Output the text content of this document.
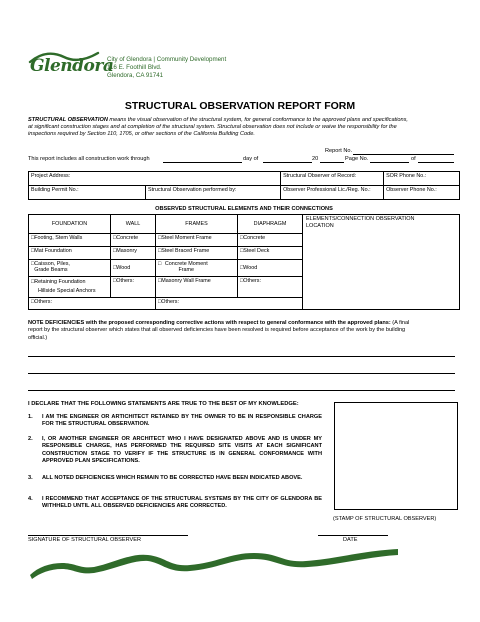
Glendora
City of Glendora | Community Development
116 E. Foothill Blvd.
Glendora, CA 91741
STRUCTURAL OBSERVATION REPORT FORM
STRUCTURAL OBSERVATION means the visual observation of the structural system, for general conformance to the approved plans and specifications,
at significant construction stages and at completion of the structural system. Structural observation does not include or waive the responsibility for the
inspections required by Section 110, 1705, or other sections of the California Building Code.
Report No.
This report includes all construction work through	day of	20	Page No.	of
Project Address:		Structural Observer of Record:	SOR Phone No.:
Building Permit No.:	Structural Observation performed by:	Observer Professional Lic./Reg. No.:	Observer Phone No.:
OBSERVED STRUCTURAL ELEMENTS AND THEIR CONNECTIONS
FOUNDATION	WALL	FRAMES	DIAPHRAGM	ELEMENTS/CONNECTION OBSERVATION LOCATION

□Footing, Stem Walls	□Concrete	□Steel Moment Frame	□Concrete	
□Mat Foundation	□Masonry	□Steel Braced Frame	□Steel Deck	
□Caisson, Piles, Grade Beams	□Wood	□ Concrete Moment Frame	□Wood	
□Retaining Foundation
Hillside Special Anchors	□Others:	□Masonry Wall Frame	□Others:	
□Others:		□Others:		
NOTE DEFICIENCIES with the proposed corresponding corrective actions with respect to general conformance with the approved plans: (A final
report by the structural observer which states that all observed deficiencies have been resolved is required before acceptance of the work by the building
official.)
I DECLARE THAT THE FOLLOWING STATEMENTS ARE TRUE TO THE BEST OF MY KNOWLEDGE:
1. I AM THE ENGINEER OR ARTICHITECT RETAINED BY THE OWNER TO BE IN RESPONSIBLE CHARGE FOR THE STRUCTURAL OBSERVATION.
2. I, OR ANOTHER ENGINEER OR ARCHITECT WHO I HAVE DESIGNATED ABOVE AND IS UNDER MY RESPONSIBLE CHARGE, HAS PERFORMED THE REQUIRED SITE VISITS AT EACH SIGNIFICANT CONSTRUCTION STAGE TO VERIFY IF THE STRUCTURE IS IN GENERAL CONFORMANCE WITH APPROVED PLAN SPECIFICATIONS.
3. ALL NOTED DEFICIENCIES WHICH REMAIN TO BE CORRECTED HAVE BEEN INDICATED ABOVE.
4. I RECOMMEND THAT ACCEPTANCE OF THE STRUCTURAL SYSTEMS BY THE CITY OF GLENDORA BE WITHHELD UNTIL ALL OBSERVED DEFICIENCIES ARE CORRECTED.
(STAMP OF STRUCTURAL OBSERVER)
SIGNATURE OF STRUCTURAL OBSERVER	DATE
